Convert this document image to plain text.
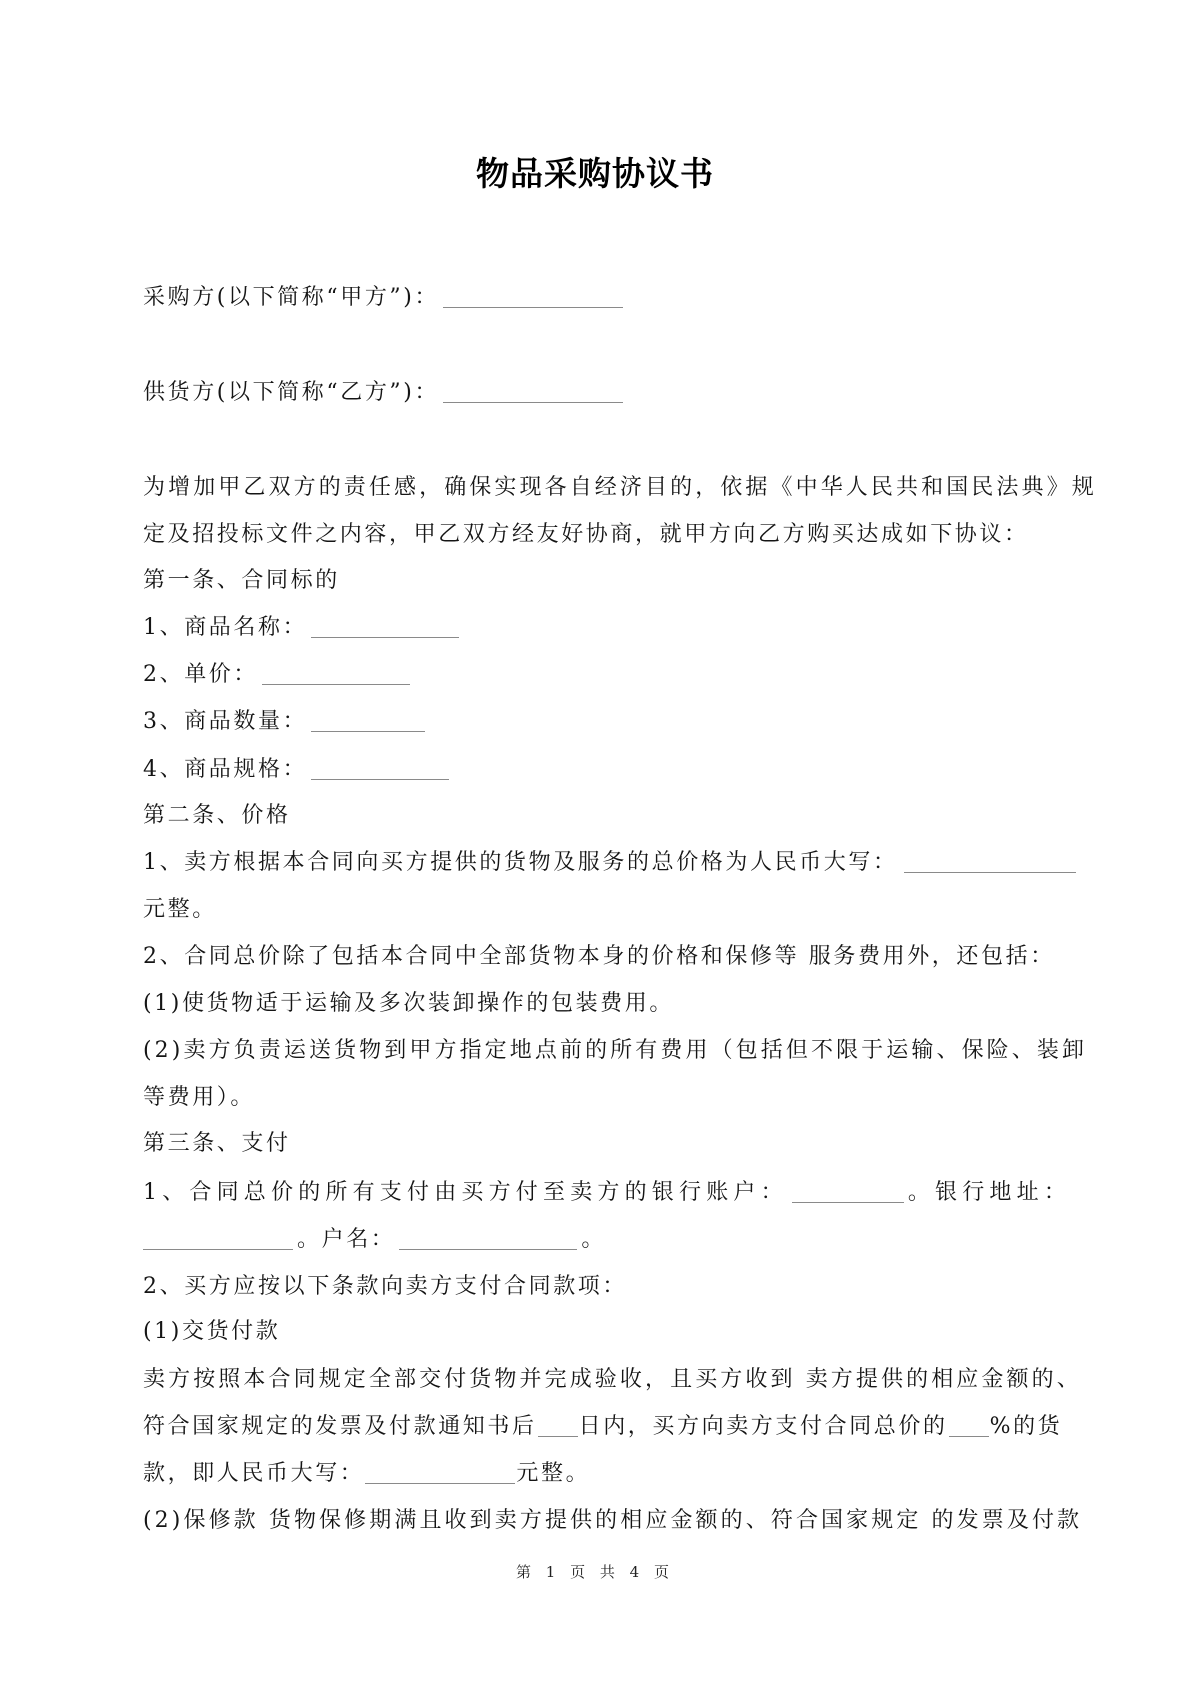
物品采购协议书
采购方(以下简称“甲方”)：
供货方(以下简称“乙方”)：
为增加甲乙双方的责任感，确保实现各自经济目的，依据《中华人民共和国民法典》规
定及招投标文件之内容，甲乙双方经友好协商，就甲方向乙方购买达成如下协议：
第一条、合同标的
1、商品名称：
2、单价：
3、商品数量：
4、商品规格：
第二条、价格
1、卖方根据本合同向买方提供的货物及服务的总价格为人民币大写：
元整。
2、合同总价除了包括本合同中全部货物本身的价格和保修等 服务费用外，还包括：
(1)使货物适于运输及多次装卸操作的包装费用。
(2)卖方负责运送货物到甲方指定地点前的所有费用（包括但不限于运输、保险、装卸
等费用）。
第三条、支付
1、合同总价的所有支付由买方付至卖方的银行账户：	。银行地址：
。户名：	。
2、买方应按以下条款向卖方支付合同款项：
(1)交货付款
卖方按照本合同规定全部交付货物并完成验收，且买方收到 卖方提供的相应金额的、
符合国家规定的发票及付款通知书后 日内，买方向卖方支付合同总价的 %的货
款，即人民币大写：	元整。
(2)保修款 货物保修期满且收到卖方提供的相应金额的、符合国家规定 的发票及付款
第 1 页 共 4 页
